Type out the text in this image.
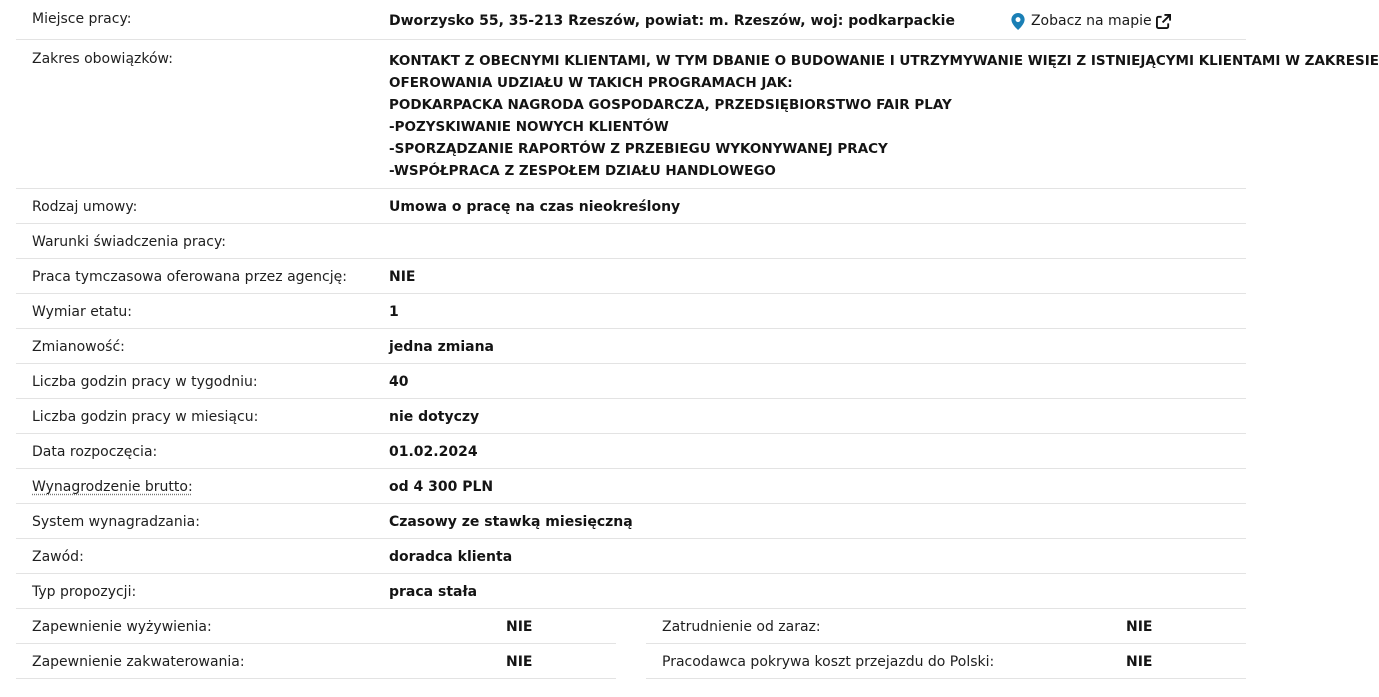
Miejsce pracy:	Dworzysko 55, 35-213 Rzeszów, powiat: m. Rzeszów, woj: podkarpackie	Zobacz na mapie
Zakres obowiązków:	KONTAKT Z OBECNYMI KLIENTAMI, W TYM DBANIE O BUDOWANIE I UTRZYMYWANIE WIĘZI Z ISTNIEJĄCYMI KLIENTAMI W ZAKRESIE
OFEROWANIA UDZIAŁU W TAKICH PROGRAMACH JAK:
PODKARPACKA NAGRODA GOSPODARCZA, PRZEDSIĘBIORSTWO FAIR PLAY
-POZYSKIWANIE NOWYCH KLIENTÓW
-SPORZĄDZANIE RAPORTÓW Z PRZEBIEGU WYKONYWANEJ PRACY
-WSPÓŁPRACA Z ZESPOŁEM DZIAŁU HANDLOWEGO
Rodzaj umowy:	Umowa o pracę na czas nieokreślony
Warunki świadczenia pracy:
Praca tymczasowa oferowana przez agencję:	NIE
Wymiar etatu:	1
Zmianowość:	jedna zmiana
Liczba godzin pracy w tygodniu:	40
Liczba godzin pracy w miesiącu:	nie dotyczy
Data rozpoczęcia:	01.02.2024
Wynagrodzenie brutto:	od 4 300 PLN
System wynagradzania:	Czasowy ze stawką miesięczną
Zawód:	doradca klienta
Typ propozycji:	praca stała
Zapewnienie wyżywienia:	NIE
Zapewnienie zakwaterowania:	NIE
Zatrudnienie od zaraz:	NIE
Pracodawca pokrywa koszt przejazdu do Polski:	NIE
